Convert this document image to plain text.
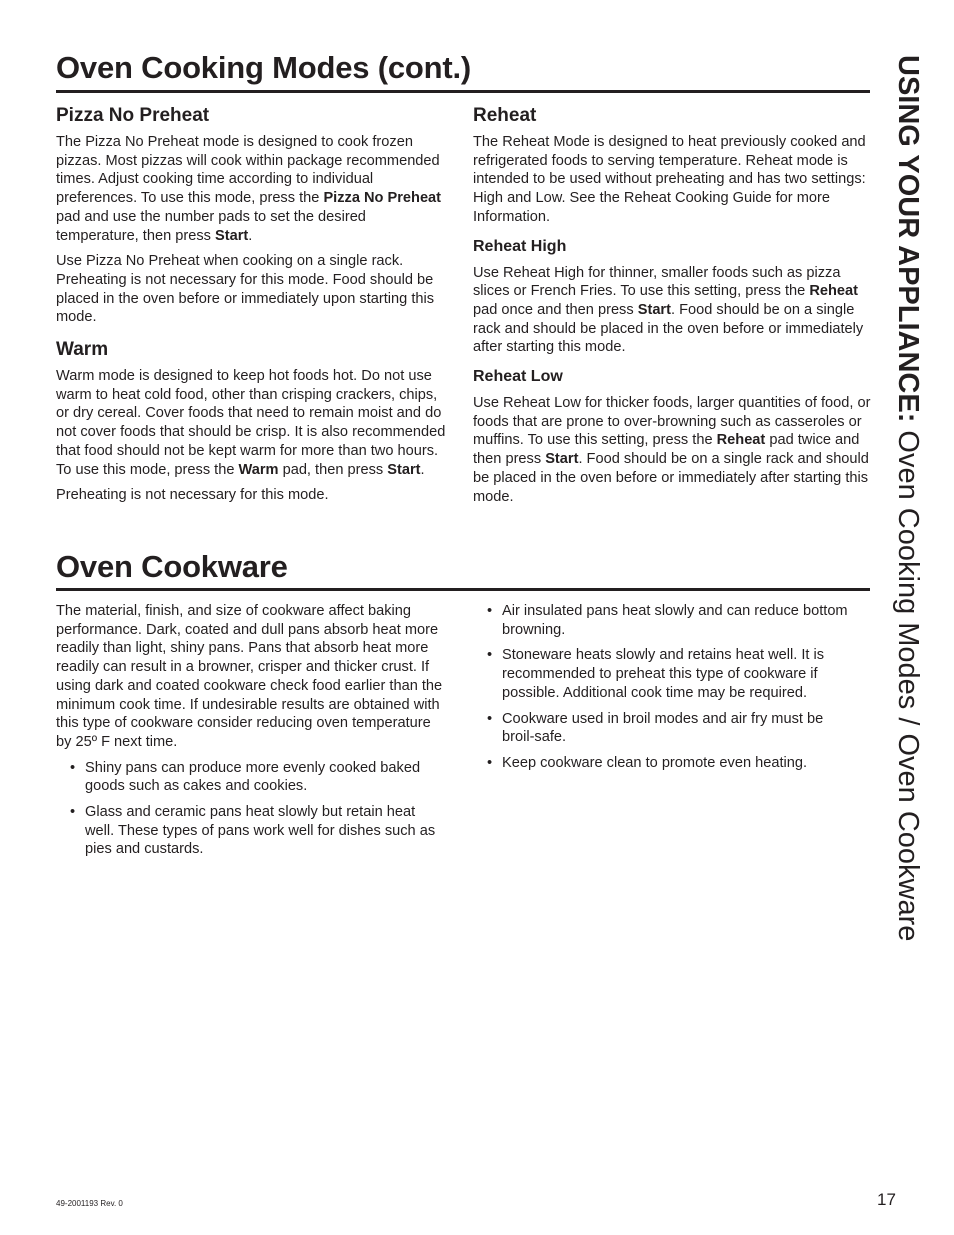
Oven Cooking Modes (cont.)
Pizza No Preheat

The Pizza No Preheat mode is designed to cook frozen pizzas. Most pizzas will cook within package recommended times. Adjust cooking time according to individual preferences. To use this mode, press the Pizza No Preheat pad and use the number pads to set the desired temperature, then press Start.

Use Pizza No Preheat when cooking on a single rack. Preheating is not necessary for this mode. Food should be placed in the oven before or immediately upon starting this mode.

Warm

Warm mode is designed to keep hot foods hot. Do not use warm to heat cold food, other than crisping crackers, chips, or dry cereal. Cover foods that need to remain moist and do not cover foods that should be crisp. It is also recommended that food should not be kept warm for more than two hours. To use this mode, press the Warm pad, then press Start.

Preheating is not necessary for this mode.

Reheat

The Reheat Mode is designed to heat previously cooked and refrigerated foods to serving temperature. Reheat mode is intended to be used without preheating and has two settings: High and Low. See the Reheat Cooking Guide for more Information.

Reheat High

Use Reheat High for thinner, smaller foods such as pizza slices or French Fries. To use this setting, press the Reheat pad once and then press Start. Food should be on a single rack and should be placed in the oven before or immediately after starting this mode.

Reheat Low

Use Reheat Low for thicker foods, larger quantities of food, or foods that are prone to over-browning such as casseroles or muffins. To use this setting, press the Reheat pad twice and then press Start. Food should be on a single rack and should be placed in the oven before or immediately after starting this mode.

Oven Cookware

The material, finish, and size of cookware affect baking performance. Dark, coated and dull pans absorb heat more readily than light, shiny pans. Pans that absorb heat more readily can result in a browner, crisper and thicker crust. If using dark and coated cookware check food earlier than the minimum cook time. If undesirable results are obtained with this type of cookware consider reducing oven temperature by 25º F next time.

• Shiny pans can produce more evenly cooked baked goods such as cakes and cookies.
• Glass and ceramic pans heat slowly but retain heat well. These types of pans work well for dishes such as pies and custards.
• Air insulated pans heat slowly and can reduce bottom browning.
• Stoneware heats slowly and retains heat well. It is recommended to preheat this type of cookware if possible. Additional cook time may be required.
• Cookware used in broil modes and air fry must be broil-safe.
• Keep cookware clean to promote even heating.
USING YOUR APPLIANCE: Oven Cooking Modes / Oven Cookware
49-2001193 Rev. 0	17
